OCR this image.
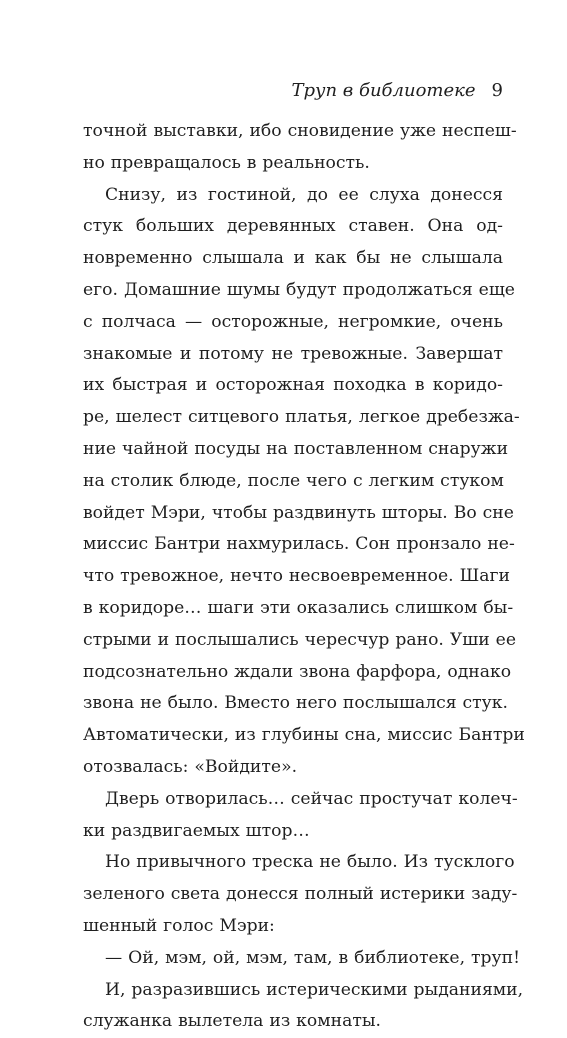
Труп в библиотеке 9
точной выставки, ибо сновидение уже неспеш-
но превращалось в реальность.
Снизу, из гостиной, до ее слуха донесся
стук больших деревянных ставен. Она од-
новременно слышала и как бы не слышала
его. Домашние шумы будут продолжаться еще
с полчаса — осторожные, негромкие, очень
знакомые и потому не тревожные. Завершат
их быстрая и осторожная походка в коридо-
ре, шелест ситцевого платья, легкое дребезжа-
ние чайной посуды на поставленном снаружи
на столик блюде, после чего с легким стуком
войдет Мэри, чтобы раздвинуть шторы. Во сне
миссис Бантри нахмурилась. Сон пронзало не-
что тревожное, нечто несвоевременное. Шаги
в коридоре… шаги эти оказались слишком бы-
стрыми и послышались чересчур рано. Уши ее
подсознательно ждали звона фарфора, однако
звона не было. Вместо него послышался стук.
Автоматически, из глубины сна, миссис Бантри
отозвалась: «Войдите».
Дверь отворилась… сейчас простучат колеч-
ки раздвигаемых штор…
Но привычного треска не было. Из тусклого
зеленого света донесся полный истерики заду-
шенный голос Мэри:
— Ой, мэм, ой, мэм, там, в библиотеке, труп!
И, разразившись истерическими рыданиями,
служанка вылетела из комнаты.
